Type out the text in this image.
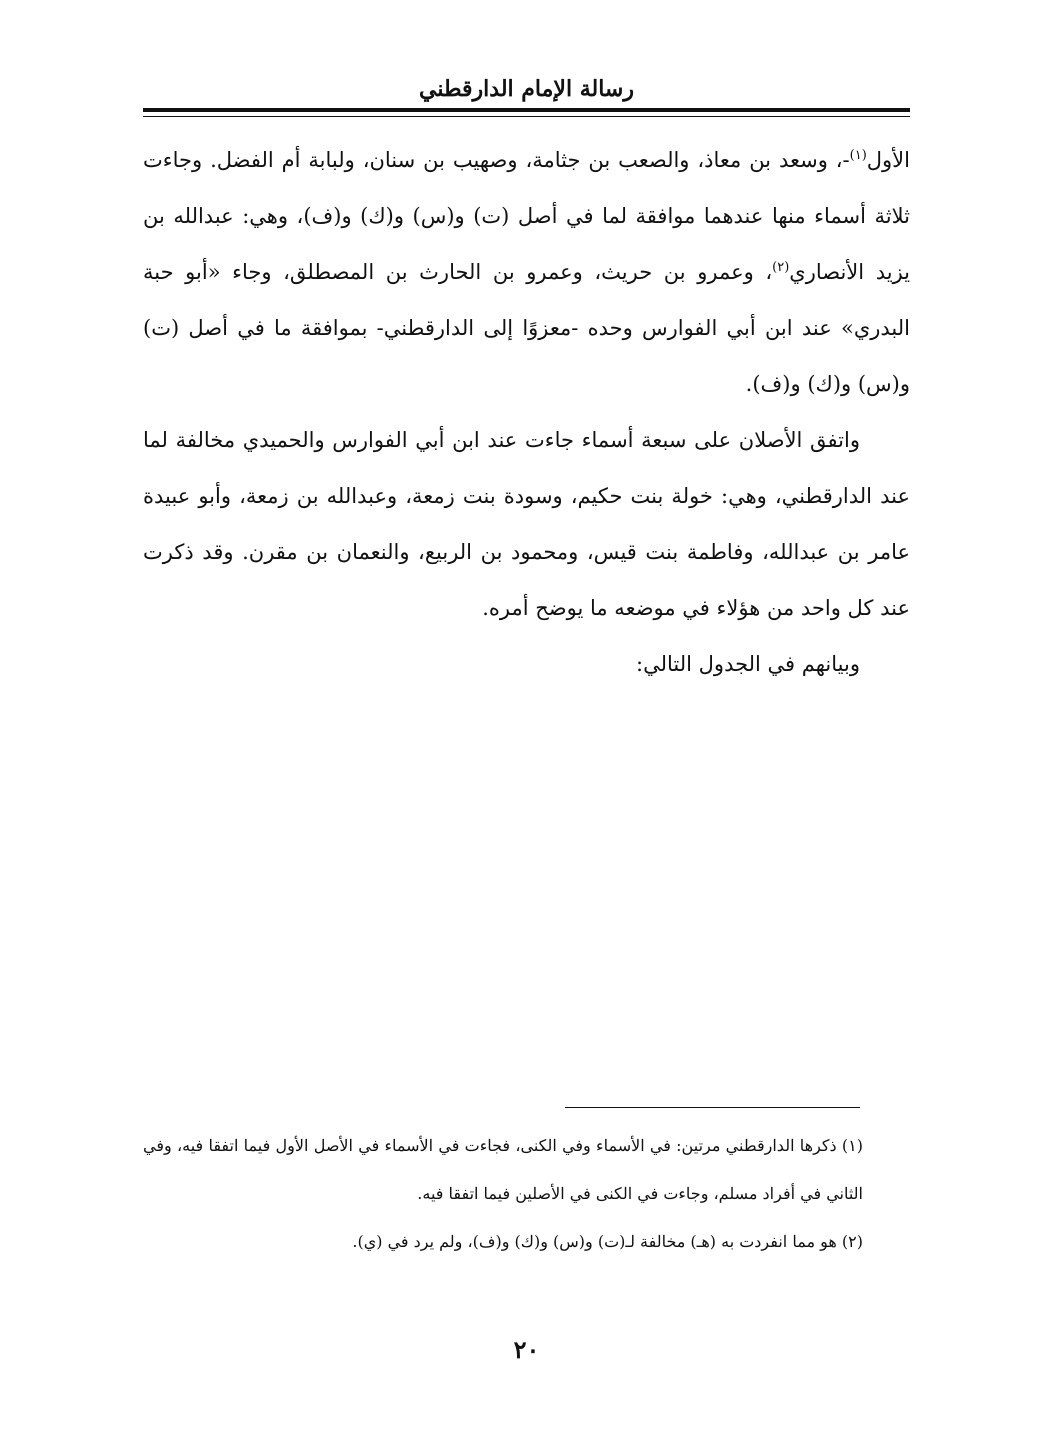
رسالة الإمام الدارقطني

الأول$^{(١)}$-، وسعد بن معاذ، والصعب بن جثامة، وصهيب بن سنان، ولبابة أم الفضل. وجاءت ثلاثة أسماء منها عندهما موافقة لما في أصل (ت) و(س) و(ك) و(ف)، وهي: عبدالله بن يزيد الأنصاري$^{(٢)}$، وعمرو بن حريث، وعمرو بن الحارث بن المصطلق، وجاء «أبو حبة البدري» عند ابن أبي الفوارس وحده -معزوًا إلى الدارقطني- بموافقة ما في أصل (ت) و(س) و(ك) و(ف).

واتفق الأصلان على سبعة أسماء جاءت عند ابن أبي الفوارس والحميدي مخالفة لما عند الدارقطني، وهي: خولة بنت حكيم، وسودة بنت زمعة، وعبدالله بن زمعة، وأبو عبيدة عامر بن عبدالله، وفاطمة بنت قيس، ومحمود بن الربيع، والنعمان بن مقرن. وقد ذكرت عند كل واحد من هؤلاء في موضعه ما يوضح أمره.

وبيانهم في الجدول التالي:

(١) ذكرها الدارقطني مرتين: في الأسماء وفي الكنى، فجاءت في الأسماء في الأصل الأول فيما اتفقا فيه، وفي الثاني في أفراد مسلم، وجاءت في الكنى في الأصلين فيما اتفقا فيه.

(٢) هو مما انفردت به (هـ) مخالفة لـ(ت) و(س) و(ك) و(ف)، ولم يرد في (ي).

٢٠
